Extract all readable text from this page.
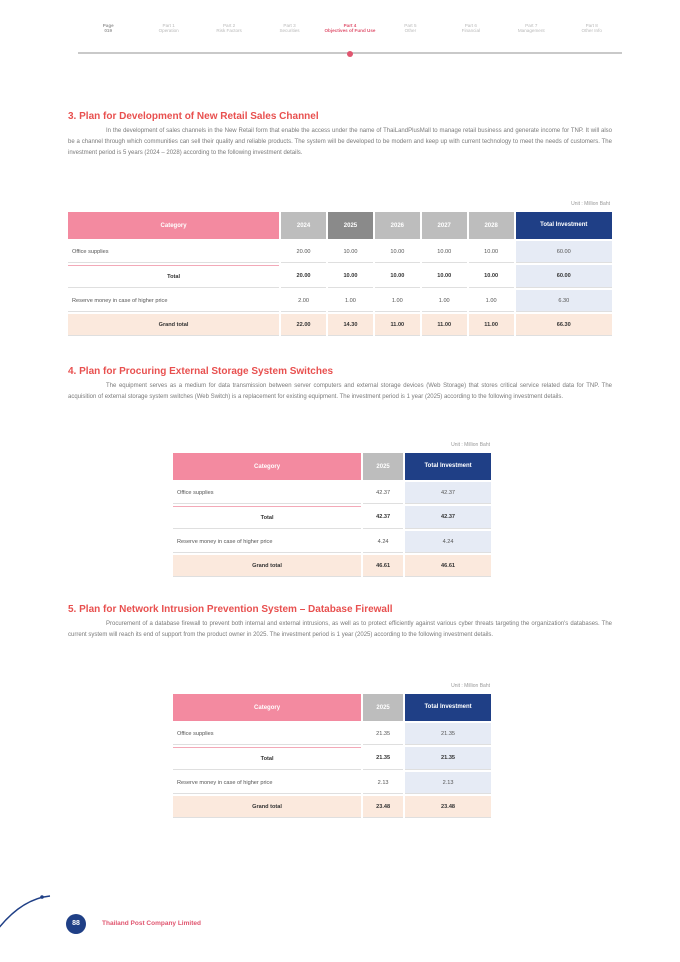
Page
019
Part 1
Operation
Part 2
Risk Factors
Part 3
Securities
Part 4
Objectives of Fund Use
Part 5
Other
Part 6
Financial
Part 7
Management
Part 8
Other Info
3. Plan for Development of New Retail Sales Channel

In the development of sales channels in the New Retail form that enable the access under the name of ThaiLandPlusMall to manage retail business and generate income for TNP. It will also be a channel through which communities can sell their quality and reliable products. The system will be developed to be modern and keep up with current technology to meet the needs of customers. The investment period is 5 years (2024 – 2028) according to the following investment details.

Unit : Million Baht
Category	2024	2025	2026	2027	2028	Total Investment
Office supplies	20.00	10.00	10.00	10.00	10.00	60.00
Total	20.00	10.00	10.00	10.00	10.00	60.00
Reserve money in case of higher price	2.00	1.00	1.00	1.00	1.00	6.30
Grand total	22.00	14.30	11.00	11.00	11.00	66.30
4. Plan for Procuring External Storage System Switches

The equipment serves as a medium for data transmission between server computers and external storage devices (Web Storage) that stores critical service related data for TNP. The acquisition of external storage system switches (Web Switch) is a replacement for existing equipment. The investment period is 1 year (2025) according to the following investment details.

Unit : Million Baht
Category	2025	Total Investment
Office supplies	42.37	42.37
Total	42.37	42.37
Reserve money in case of higher price	4.24	4.24
Grand total	46.61	46.61
5. Plan for Network Intrusion Prevention System – Database Firewall

Procurement of a database firewall to prevent both internal and external intrusions, as well as to protect efficiently against various cyber threats targeting the organization's databases. The current system will reach its end of support from the product owner in 2025. The investment period is 1 year (2025) according to the following investment details.

Unit : Million Baht
Category	2025	Total Investment
Office supplies	21.35	21.35
Total	21.35	21.35
Reserve money in case of higher price	2.13	2.13
Grand total	23.48	23.48
88	Thailand Post Company Limited
